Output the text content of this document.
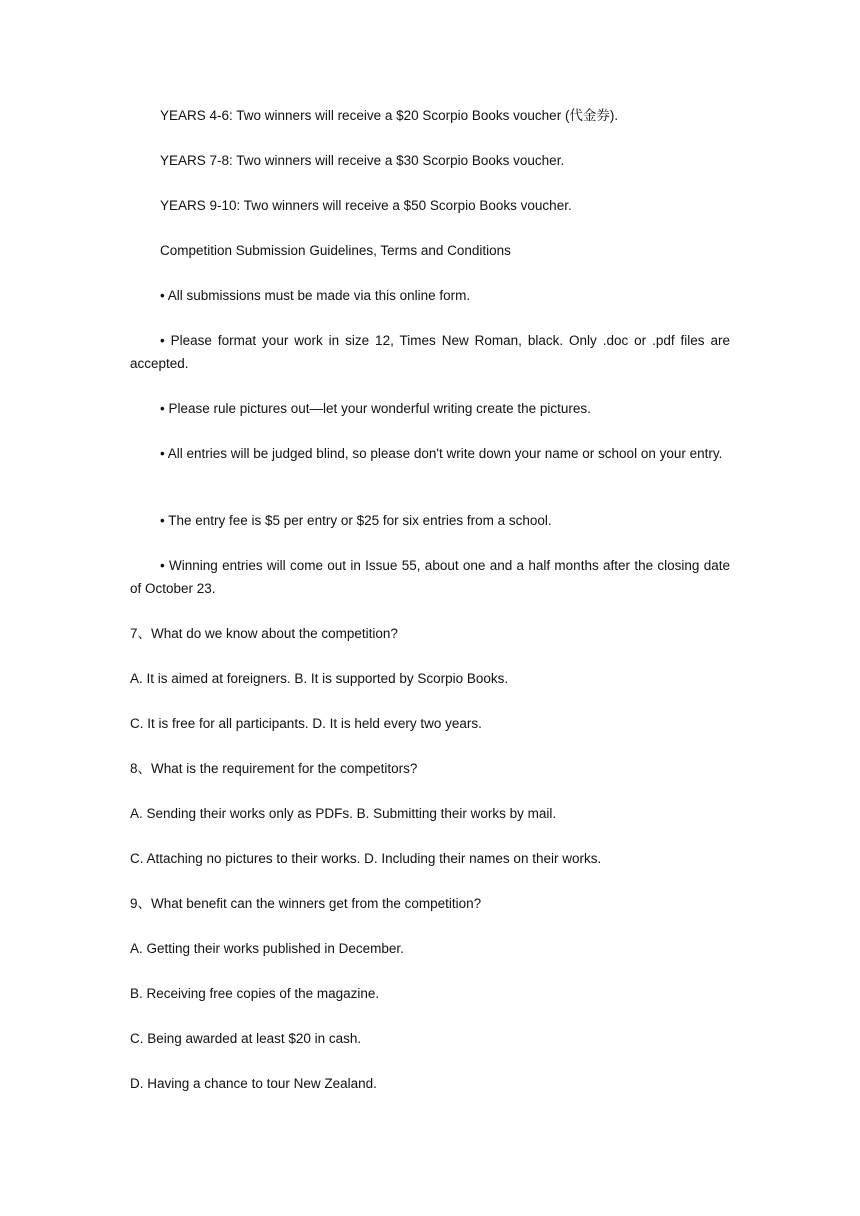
YEARS 4-6: Two winners will receive a $20 Scorpio Books voucher (代金券).

YEARS 7-8: Two winners will receive a $30 Scorpio Books voucher.

YEARS 9-10: Two winners will receive a $50 Scorpio Books voucher.

Competition Submission Guidelines, Terms and Conditions

• All submissions must be made via this online form.

• Please format your work in size 12, Times New Roman, black. Only .doc or .pdf files are accepted.

• Please rule pictures out—let your wonderful writing create the pictures.

• All entries will be judged blind, so please don't write down your name or school on your entry.

• The entry fee is $5 per entry or $25 for six entries from a school.

• Winning entries will come out in Issue 55, about one and a half months after the closing date of October 23.

7、What do we know about the competition?

A. It is aimed at foreigners. B. It is supported by Scorpio Books.

C. It is free for all participants. D. It is held every two years.

8、What is the requirement for the competitors?

A. Sending their works only as PDFs. B. Submitting their works by mail.

C. Attaching no pictures to their works. D. Including their names on their works.

9、What benefit can the winners get from the competition?

A. Getting their works published in December.

B. Receiving free copies of the magazine.

C. Being awarded at least $20 in cash.

D. Having a chance to tour New Zealand.
